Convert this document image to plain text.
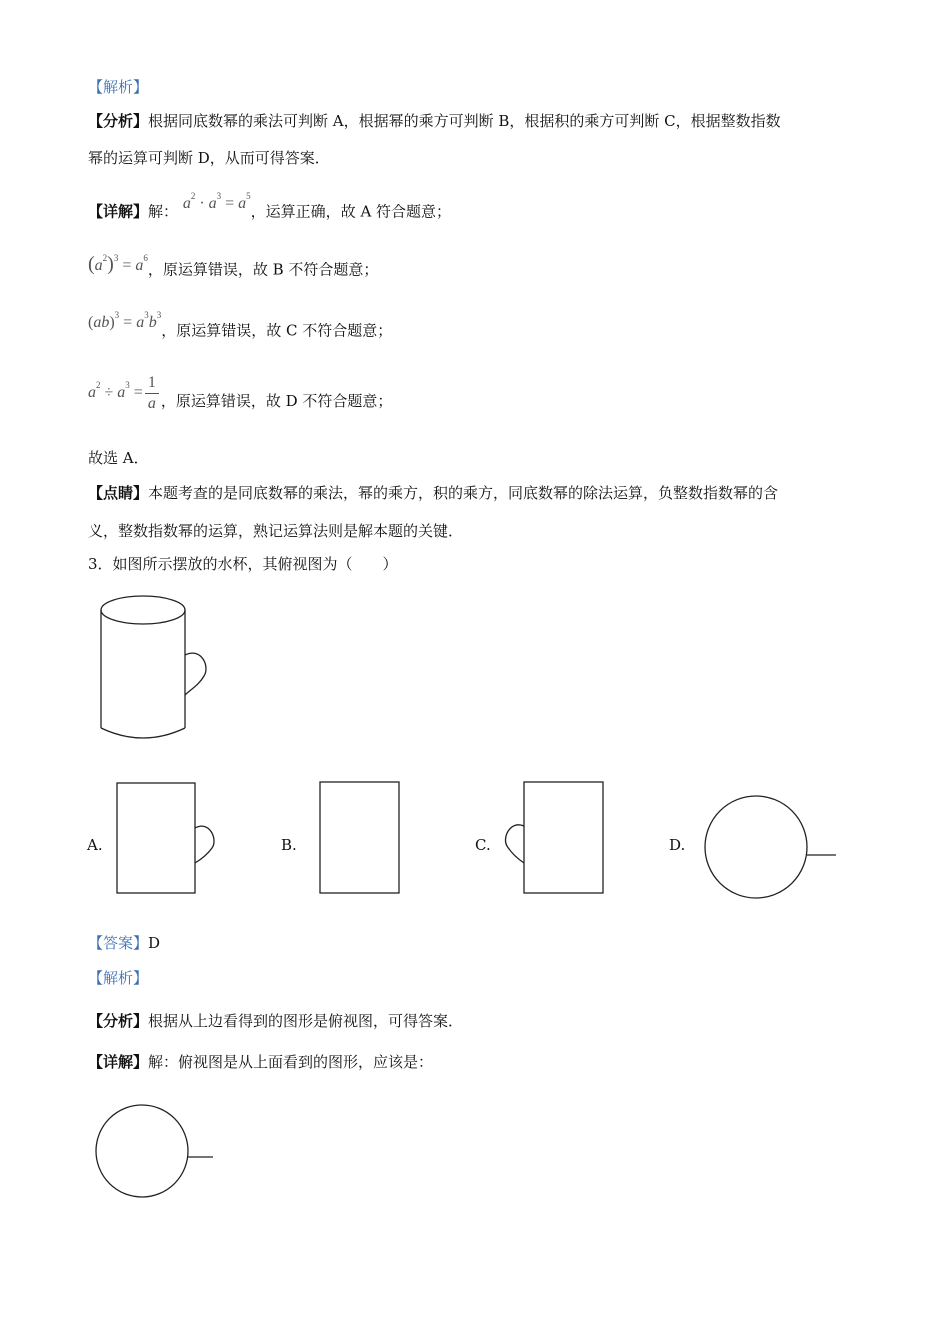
【解析】
【分析】根据同底数幂的乘法可判断 A，根据幂的乘方可判断 B，根据积的乘方可判断 C，根据整数指数
幂的运算可判断 D，从而可得答案．
【详解】解： $a^2 \cdot a^3 = a^5$，运算正确，故 A 符合题意；
$(a^2)^3 = a^6$，原运算错误，故 B 不符合题意；
$(ab)^3 = a^3b^3$，原运算错误，故 C 不符合题意；
$a^2 \div a^3 = \frac{1}{a}$ ，原运算错误，故 D 不符合题意；
故选 A．
【点睛】本题考查的是同底数幂的乘法，幂的乘方，积的乘方，同底数幂的除法运算，负整数指数幂的含
义，整数指数幂的运算，熟记运算法则是解本题的关键．
3．如图所示摆放的水杯，其俯视图为（　　）
A.	B.	C.	D.
【答案】D
【解析】
【分析】根据从上边看得到的图形是俯视图，可得答案．
【详解】解：俯视图是从上面看到的图形，应该是：
